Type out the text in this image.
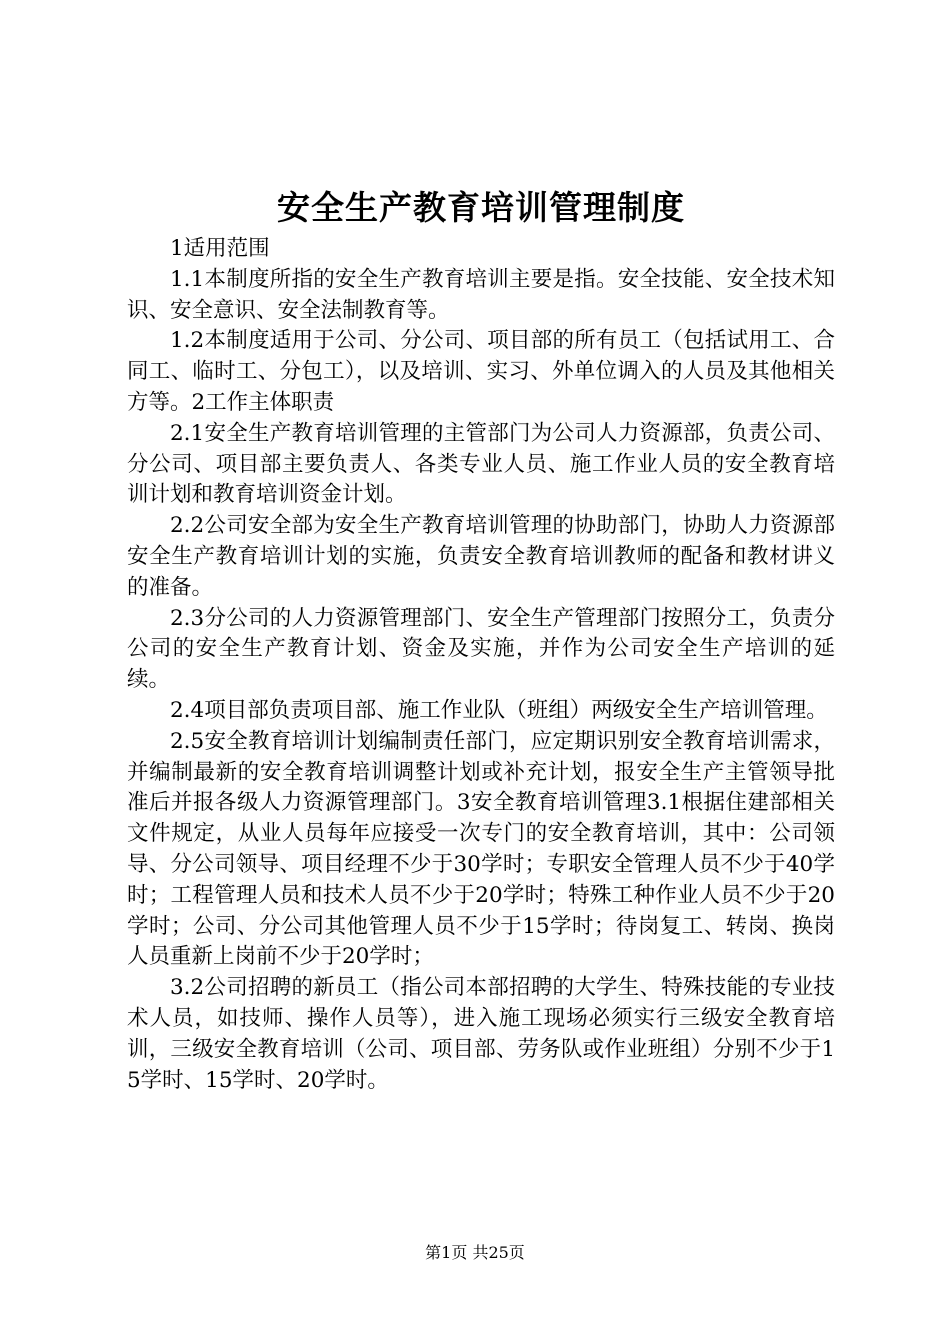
安全生产教育培训管理制度

1适用范围

1.1本制度所指的安全生产教育培训主要是指。安全技能、安全技术知识、安全意识、安全法制教育等。

1.2本制度适用于公司、分公司、项目部的所有员工（包括试用工、合同工、临时工、分包工），以及培训、实习、外单位调入的人员及其他相关方等。2工作主体职责

2.1安全生产教育培训管理的主管部门为公司人力资源部，负责公司、分公司、项目部主要负责人、各类专业人员、施工作业人员的安全教育培训计划和教育培训资金计划。

2.2公司安全部为安全生产教育培训管理的协助部门，协助人力资源部安全生产教育培训计划的实施，负责安全教育培训教师的配备和教材讲义的准备。

2.3分公司的人力资源管理部门、安全生产管理部门按照分工，负责分公司的安全生产教育计划、资金及实施，并作为公司安全生产培训的延续。

2.4项目部负责项目部、施工作业队（班组）两级安全生产培训管理。

2.5安全教育培训计划编制责任部门，应定期识别安全教育培训需求，并编制最新的安全教育培训调整计划或补充计划，报安全生产主管领导批准后并报各级人力资源管理部门。3安全教育培训管理3.1根据住建部相关文件规定，从业人员每年应接受一次专门的安全教育培训，其中：公司领导、分公司领导、项目经理不少于30学时；专职安全管理人员不少于40学时；工程管理人员和技术人员不少于20学时；特殊工种作业人员不少于20学时；公司、分公司其他管理人员不少于15学时；待岗复工、转岗、换岗人员重新上岗前不少于20学时；

3.2公司招聘的新员工（指公司本部招聘的大学生、特殊技能的专业技术人员，如技师、操作人员等），进入施工现场必须实行三级安全教育培训，三级安全教育培训（公司、项目部、劳务队或作业班组）分别不少于15学时、15学时、20学时。

第1页 共25页
